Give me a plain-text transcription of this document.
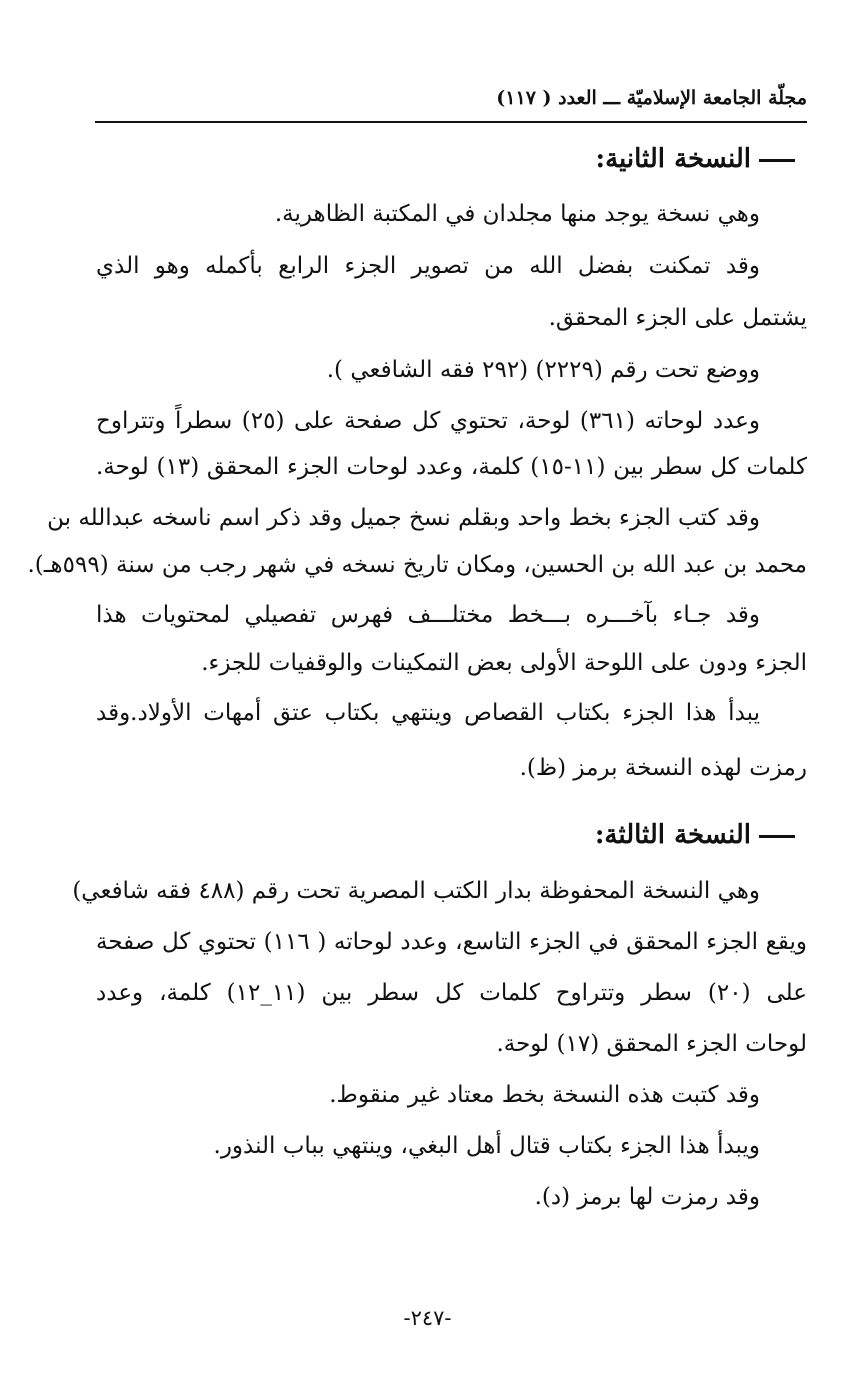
مجلّة الجامعة الإسلاميّة ـــ العدد ( ١١٧)
النسخة الثانية:
وهي نسخة يوجد منها مجلدان في المكتبة الظاهرية.
وقد تمكنت بفضل الله من تصوير الجزء الرابع بأكمله وهو الذي
يشتمل على الجزء المحقق.
ووضع تحت رقم (٢٢٢٩) (٢٩٢ فقه الشافعي ).
وعدد لوحاته (٣٦١) لوحة، تحتوي كل صفحة على (٢٥) سطراً وتتراوح
كلمات كل سطر بين (١١-١٥) كلمة، وعدد لوحات الجزء المحقق (١٣) لوحة.
وقد كتب الجزء بخط واحد وبقلم نسخ جميل وقد ذكر اسم ناسخه عبدالله بن
محمد بن عبد الله بن الحسين، ومكان تاريخ نسخه في شهر رجب من سنة (٥٩٩هـ).
وقد جـاء بآخـــره بـــخط مختلـــف فهرس تفصيلي لمحتويات هذا
الجزء ودون على اللوحة الأولى بعض التمكينات والوقفيات للجزء.
يبدأ هذا الجزء بكتاب القصاص وينتهي بكتاب عتق أمهات الأولاد.وقد
رمزت لهذه النسخة برمز (ظ).
النسخة الثالثة:
وهي النسخة المحفوظة بدار الكتب المصرية تحت رقم (٤٨٨ فقه شافعي)
ويقع الجزء المحقق في الجزء التاسع، وعدد لوحاته ( ١١٦) تحتوي كل صفحة
على (٢٠) سطر وتتراوح كلمات كل سطر بين (١١_١٢) كلمة، وعدد
لوحات الجزء المحقق (١٧) لوحة.
وقد كتبت هذه النسخة بخط معتاد غير منقوط.
ويبدأ هذا الجزء بكتاب قتال أهل البغي، وينتهي بباب النذور.
وقد رمزت لها برمز (د).
-٢٤٧-
